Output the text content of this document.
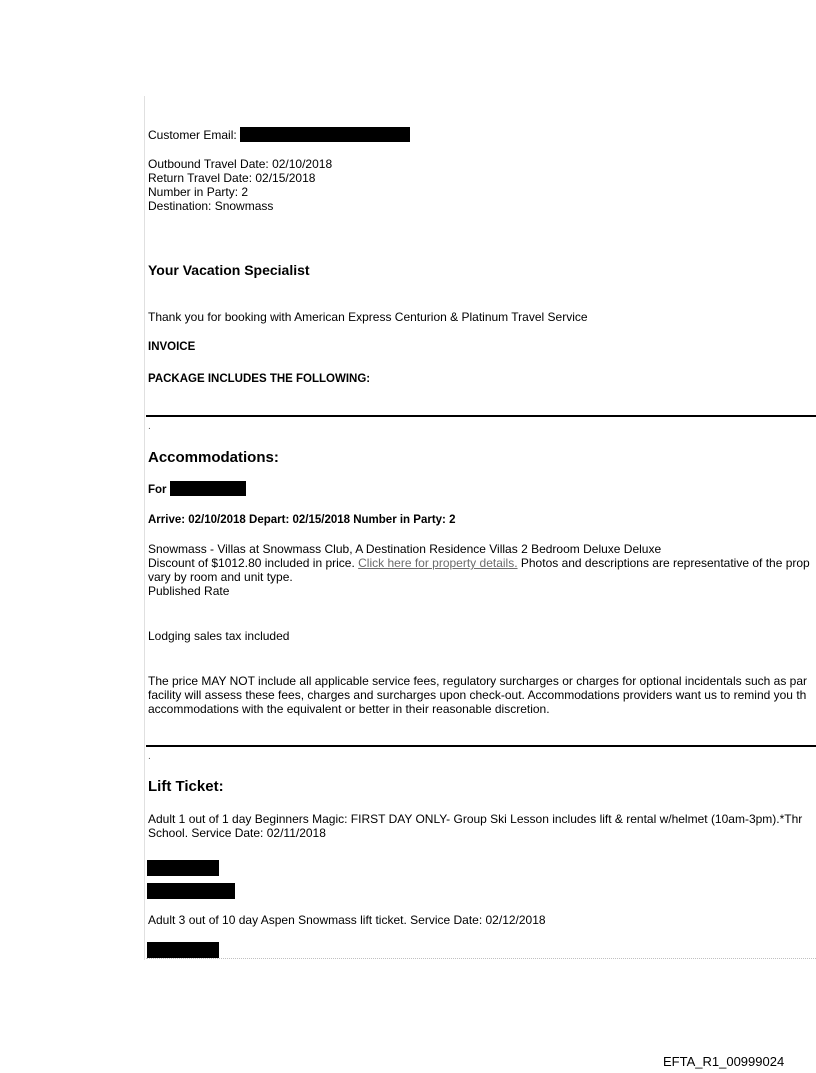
Customer Email:
Outbound Travel Date: 02/10/2018
Return Travel Date: 02/15/2018
Number in Party: 2
Destination: Snowmass
Your Vacation Specialist
Thank you for booking with American Express Centurion & Platinum Travel Service
INVOICE
PACKAGE INCLUDES THE FOLLOWING:
.
Accommodations:
For
Arrive: 02/10/2018 Depart: 02/15/2018 Number in Party: 2
Snowmass - Villas at Snowmass Club, A Destination Residence Villas 2 Bedroom Deluxe Deluxe
Discount of $1012.80 included in price. Click here for property details. Photos and descriptions are representative of the prop
vary by room and unit type.
Published Rate
Lodging sales tax included
The price MAY NOT include all applicable service fees, regulatory surcharges or charges for optional incidentals such as par
facility will assess these fees, charges and surcharges upon check-out. Accommodations providers want us to remind you th
accommodations with the equivalent or better in their reasonable discretion.
.
Lift Ticket:
Adult 1 out of 1 day Beginners Magic: FIRST DAY ONLY- Group Ski Lesson includes lift & rental w/helmet (10am-3pm).*Thr
School. Service Date: 02/11/2018
Adult 3 out of 10 day Aspen Snowmass lift ticket. Service Date: 02/12/2018
EFTA_R1_00999024
